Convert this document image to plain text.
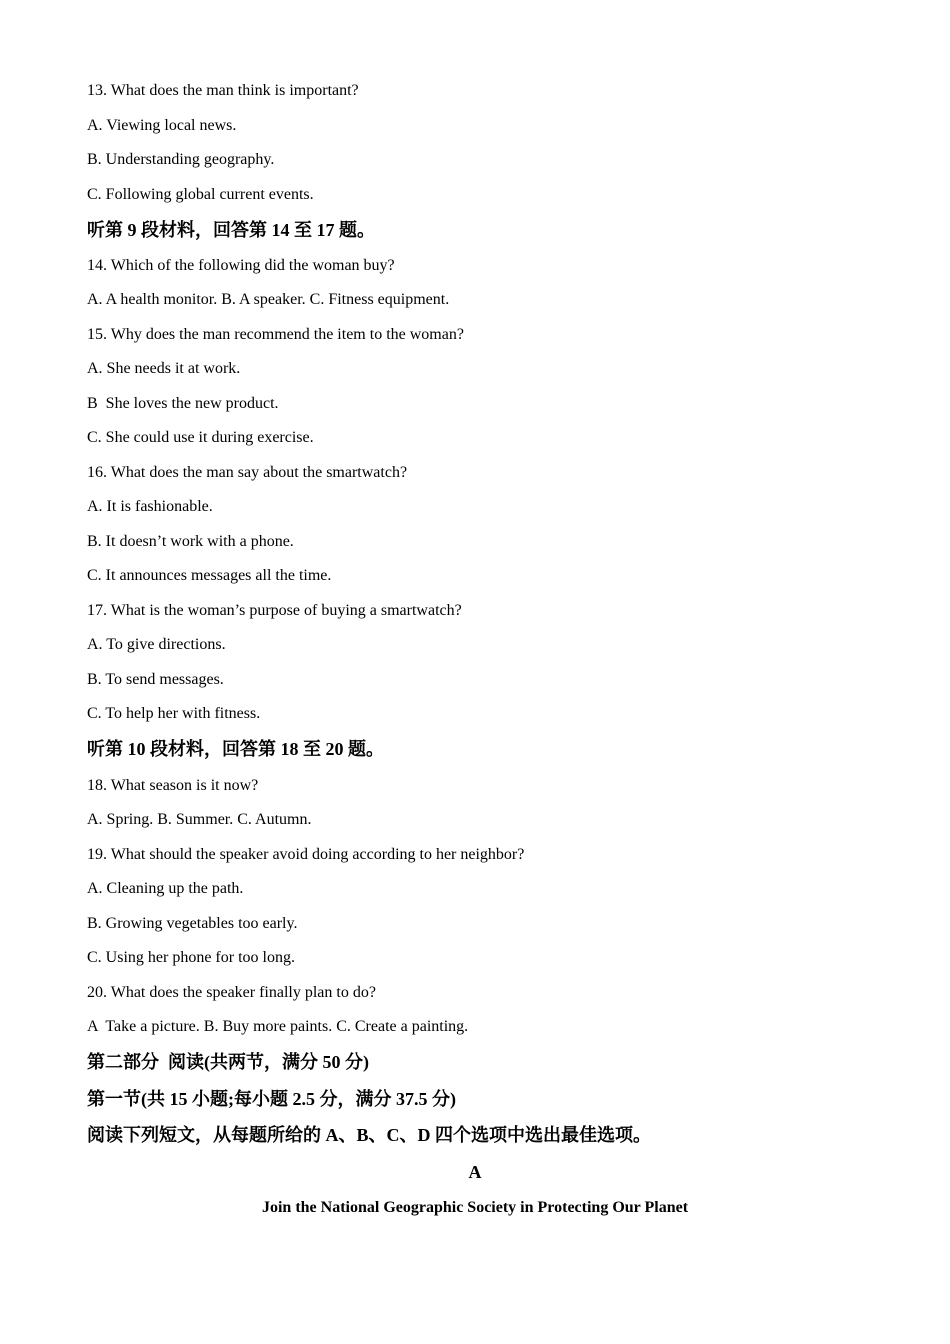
13. What does the man think is important?
A. Viewing local news.
B. Understanding geography.
C. Following global current events.
听第 9 段材料，回答第 14 至 17 题。
14. Which of the following did the woman buy?
A. A health monitor. B. A speaker. C. Fitness equipment.
15. Why does the man recommend the item to the woman?
A. She needs it at work.
B  She loves the new product.
C. She could use it during exercise.
16. What does the man say about the smartwatch?
A. It is fashionable.
B. It doesn’t work with a phone.
C. It announces messages all the time.
17. What is the woman’s purpose of buying a smartwatch?
A. To give directions.
B. To send messages.
C. To help her with fitness.
听第 10 段材料，回答第 18 至 20 题。
18. What season is it now?
A. Spring. B. Summer. C. Autumn.
19. What should the speaker avoid doing according to her neighbor?
A. Cleaning up the path.
B. Growing vegetables too early.
C. Using her phone for too long.
20. What does the speaker finally plan to do?
A  Take a picture. B. Buy more paints. C. Create a painting.
第二部分  阅读(共两节，满分 50 分)
第一节(共 15 小题;每小题 2.5 分，满分 37.5 分)
阅读下列短文，从每题所给的 A、B、C、D 四个选项中选出最佳选项。
A
Join the National Geographic Society in Protecting Our Planet
